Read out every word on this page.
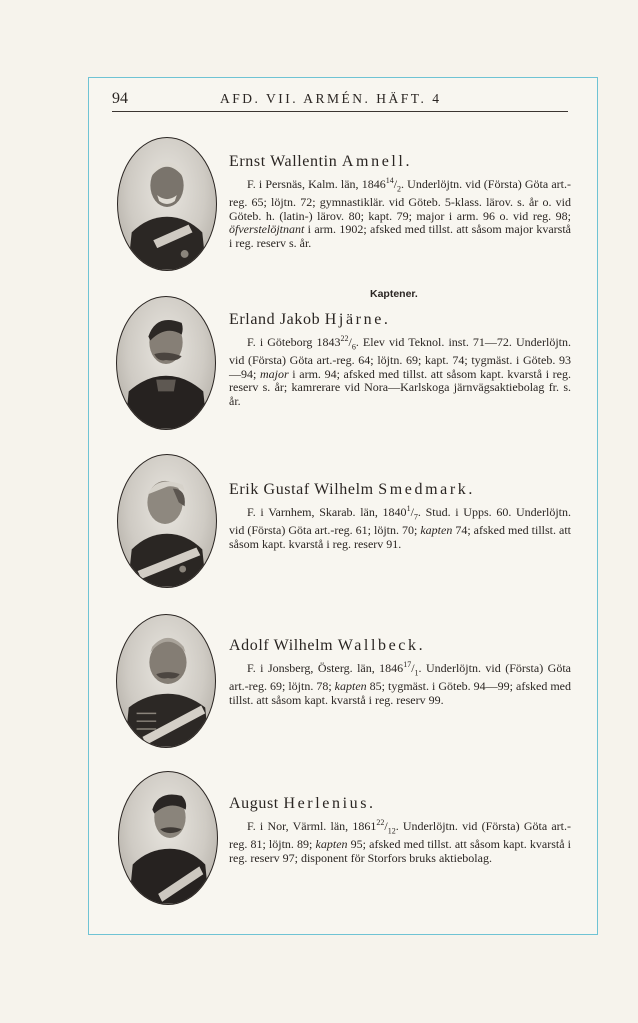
94	AFD. VII. ARMÉN. HÄFT. 4
Ernst Wallentin Amnell.
F. i Persnäs, Kalm. län, $1846^{14}/_2$. Underlöjtn. vid (Första) Göta art.-reg. 65; löjtn. 72; gymnastiklär. vid Göteb. 5-klass. lärov. s. år o. vid Göteb. h. (latin-) lärov. 80; kapt. 79; major i arm. 96 o. vid reg. 98; öfverstelöjtnant i arm. 1902; afsked med tillst. att såsom major kvarstå i reg. reserv s. år.
Kaptener.
Erland Jakob Hjärne.
F. i Göteborg $1843^{22}/_6$. Elev vid Teknol. inst. 71—72. Underlöjtn. vid (Första) Göta art.-reg. 64; löjtn. 69; kapt. 74; tygmäst. i Göteb. 93—94; major i arm. 94; afsked med tillst. att såsom kapt. kvarstå i reg. reserv s. år; kamrerare vid Nora—Karlskoga järnvägsaktiebolag fr. s. år.
Erik Gustaf Wilhelm Smedmark.
F. i Varnhem, Skarab. län, $1840^1/_7$. Stud. i Upps. 60. Underlöjtn. vid (Första) Göta art.-reg. 61; löjtn. 70; kapten 74; afsked med tillst. att såsom kapt. kvarstå i reg. reserv 91.
Adolf Wilhelm Wallbeck.
F. i Jonsberg, Österg. län, $1846^{17}/_1$. Underlöjtn. vid (Första) Göta art.-reg. 69; löjtn. 78; kapten 85; tygmäst. i Göteb. 94—99; afsked med tillst. att såsom kapt. kvarstå i reg. reserv 99.
August Herlenius.
F. i Nor, Värml. län, $1861^{22}/_{12}$. Underlöjtn. vid (Första) Göta art.-reg. 81; löjtn. 89; kapten 95; afsked med tillst. att såsom kapt. kvarstå i reg. reserv 97; disponent för Storfors bruks aktiebolag.
